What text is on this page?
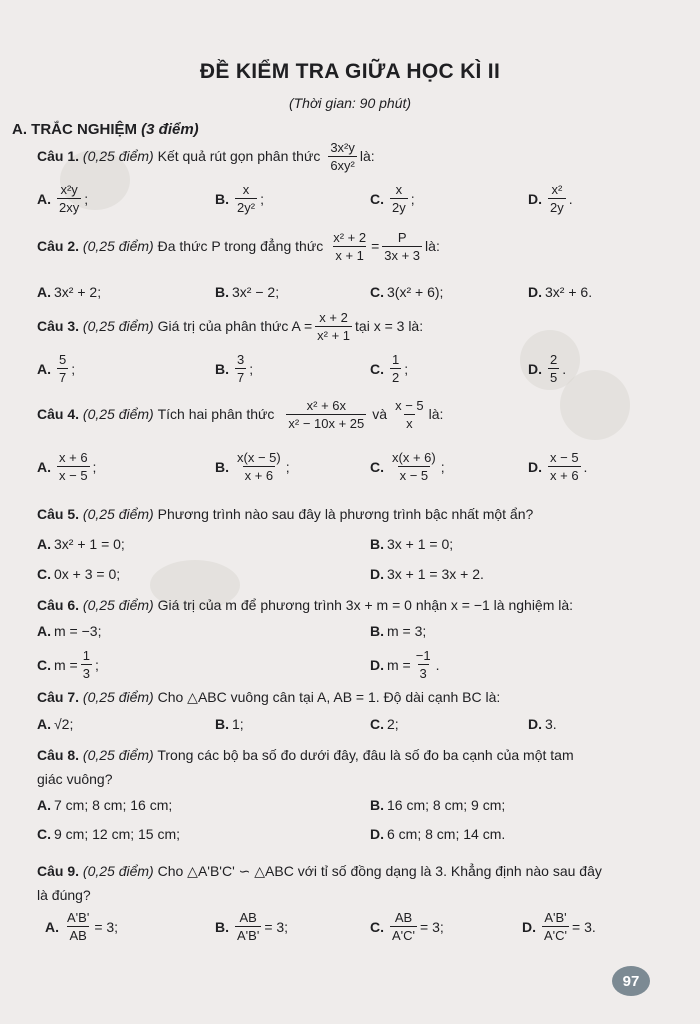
ĐỀ KIỂM TRA GIỮA HỌC KÌ II
(Thời gian: 90 phút)
A. TRẮC NGHIỆM (3 điểm)
Câu 1.
(0,25 điểm)
Kết quả rút gọn phân thức $\frac{\text{3x²y}}{\text{6xy²}}$ là:
A. $\frac{\text{x²y}}{2xy}$ ;	B. $\frac{x}{\text{2y²}}$ ;	C. $\frac{x}{2y}$ ;	D. $\frac{\text{x²}}{2y}$ .
Câu 2.
(0,25 điểm)
Đa thức P trong đẳng thức $\frac{\text{x² + 2}}{x + 1} = \frac{P}{3x + 3}$ là:
A. 3x² + 2;	B. 3x² − 2;	C. 3(x² + 6);	D. 3x² + 6.
Câu 3.
(0,25 điểm)
Giá trị của phân thức $A = \frac{x + 2}{\text{x² + 1}}$ tại x = 3 là:
A. $\frac{5}{7}$ ;	B. $\frac{3}{7}$ ;	C. $\frac{1}{2}$ ;	D. $\frac{2}{5}$ .
Câu 4.
(0,25 điểm)
Tích hai phân thức $\frac{\text{x² + 6x}}{\text{x² − 10x + 25}}$ và $\frac{x - 5}{x}$ là:
A. $\frac{x + 6}{x - 5}$ ;	B. $\frac{x(x - 5)}{x + 6}$ ;	C. $\frac{x(x + 6)}{x - 5}$ ;	D. $\frac{x - 5}{x + 6}$ .
Câu 5. (0,25 điểm) Phương trình nào sau đây là phương trình bậc nhất một ẩn?
A. 3x² + 1 = 0;	B. 3x + 1 = 0;
C. 0x + 3 = 0;	D. 3x + 1 = 3x + 2.
Câu 6. (0,25 điểm) Giá trị của m để phương trình 3x + m = 0 nhận x = −1 là nghiệm là:
A. m = −3;	B. m = 3;
C. $m = \frac{1}{3}$ ;	D. $m = \frac{-1}{3}$ .
Câu 7. (0,25 điểm) Cho △ABC vuông cân tại A, AB = 1. Độ dài cạnh BC là:
A. √2;	B. 1;	C. 2;	D. 3.
Câu 8. (0,25 điểm) Trong các bộ ba số đo dưới đây, đâu là số đo ba cạnh của một tam
giác vuông?
A. 7 cm; 8 cm; 16 cm;	B. 16 cm; 8 cm; 9 cm;
C. 9 cm; 12 cm; 15 cm;	D. 6 cm; 8 cm; 14 cm.
Câu 9. (0,25 điểm) Cho △A'B'C' ∽ △ABC với tỉ số đồng dạng là 3. Khẳng định nào sau đây
là đúng?
A. $\frac{A'B'}{AB} = 3$;	B. $\frac{AB}{A'B'} = 3$;	C. $\frac{AB}{A'C'} = 3$;	D. $\frac{A'B'}{A'C'} = 3$.
97
